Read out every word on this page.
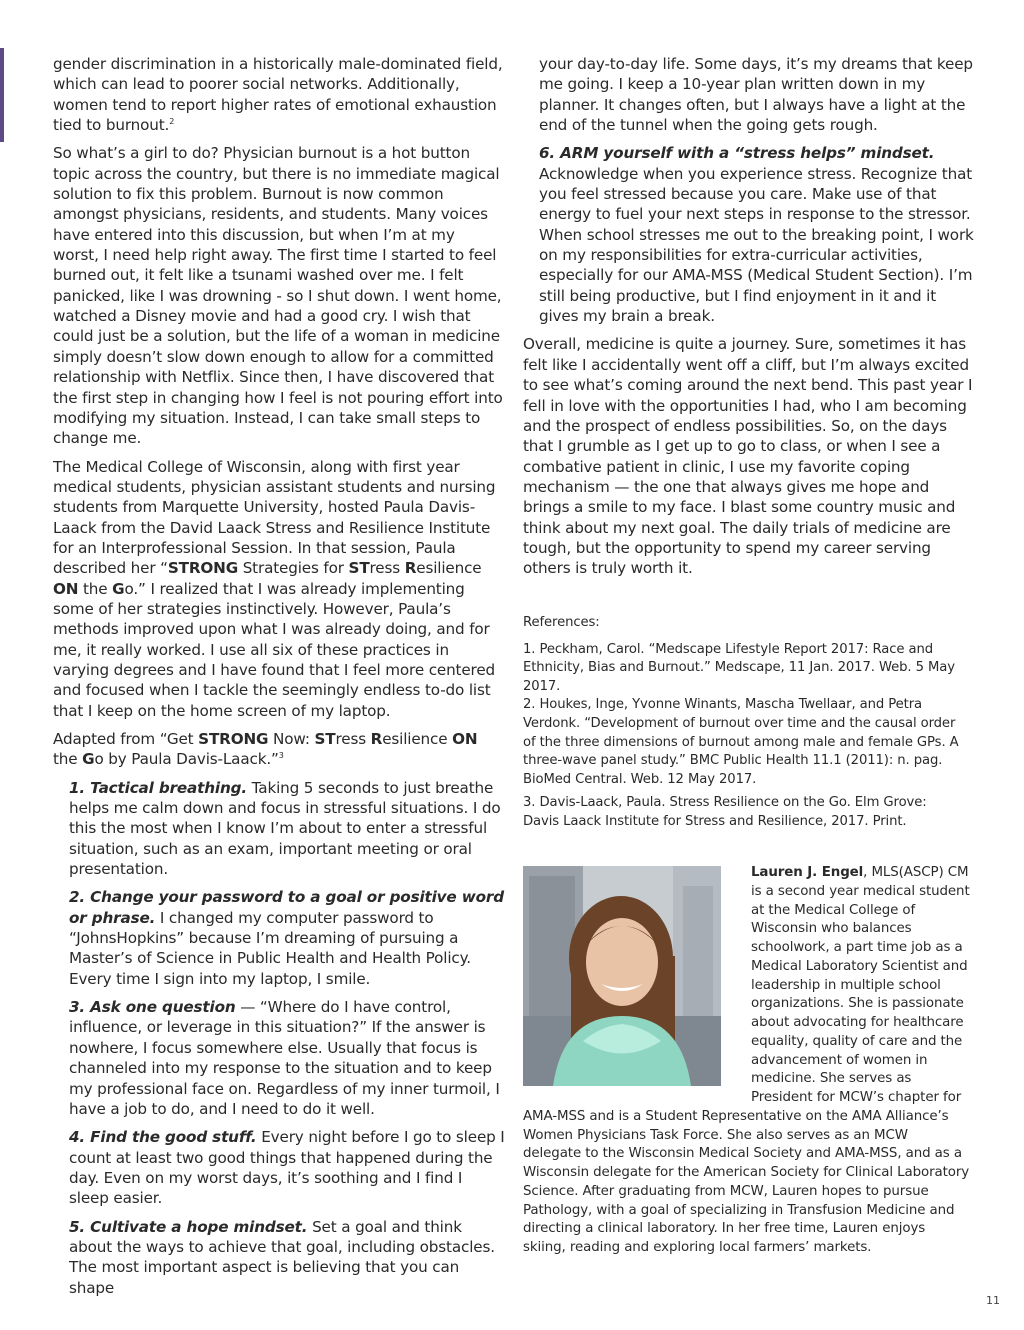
gender discrimination in a historically male-dominated field, which can lead to poorer social networks. Additionally, women tend to report higher rates of emotional exhaustion tied to burnout.$^2$

So what’s a girl to do? Physician burnout is a hot button topic across the country, but there is no immediate magical solution to fix this problem. Burnout is now common amongst physicians, residents, and students. Many voices have entered into this discussion, but when I’m at my worst, I need help right away. The first time I started to feel burned out, it felt like a tsunami washed over me. I felt panicked, like I was drowning - so I shut down. I went home, watched a Disney movie and had a good cry. I wish that could just be a solution, but the life of a woman in medicine simply doesn’t slow down enough to allow for a committed relationship with Netflix. Since then, I have discovered that the first step in changing how I feel is not pouring effort into modifying my situation. Instead, I can take small steps to change me.

The Medical College of Wisconsin, along with first year medical students, physician assistant students and nursing students from Marquette University, hosted Paula Davis-Laack from the David Laack Stress and Resilience Institute for an Interprofessional Session. In that session, Paula described her “STRONG Strategies for STress Resilience ON the Go.” I realized that I was already implementing some of her strategies instinctively. However, Paula’s methods improved upon what I was already doing, and for me, it really worked. I use all six of these practices in varying degrees and I have found that I feel more centered and focused when I tackle the seemingly endless to-do list that I keep on the home screen of my laptop.

Adapted from “Get STRONG Now: STress Resilience ON the Go by Paula Davis-Laack.”$^3$

1. Tactical breathing. Taking 5 seconds to just breathe helps me calm down and focus in stressful situations. I do this the most when I know I’m about to enter a stressful situation, such as an exam, important meeting or oral presentation.

2. Change your password to a goal or positive word or phrase. I changed my computer password to “JohnsHopkins” because I’m dreaming of pursuing a Master’s of Science in Public Health and Health Policy. Every time I sign into my laptop, I smile.

3. Ask one question — “Where do I have control, influence, or leverage in this situation?” If the answer is nowhere, I focus somewhere else. Usually that focus is channeled into my response to the situation and to keep my professional face on. Regardless of my inner turmoil, I have a job to do, and I need to do it well.

4. Find the good stuff. Every night before I go to sleep I count at least two good things that happened during the day. Even on my worst days, it’s soothing and I find I sleep easier.

5. Cultivate a hope mindset. Set a goal and think about the ways to achieve that goal, including obstacles. The most important aspect is believing that you can shape

your day-to-day life. Some days, it’s my dreams that keep me going. I keep a 10-year plan written down in my planner. It changes often, but I always have a light at the end of the tunnel when the going gets rough.

6. ARM yourself with a “stress helps” mindset. Acknowledge when you experience stress. Recognize that you feel stressed because you care. Make use of that energy to fuel your next steps in response to the stressor. When school stresses me out to the breaking point, I work on my responsibilities for extra-curricular activities, especially for our AMA-MSS (Medical Student Section). I’m still being productive, but I find enjoyment in it and it gives my brain a break.

Overall, medicine is quite a journey. Sure, sometimes it has felt like I accidentally went off a cliff, but I’m always excited to see what’s coming around the next bend. This past year I fell in love with the opportunities I had, who I am becoming and the prospect of endless possibilities. So, on the days that I grumble as I get up to go to class, or when I see a combative patient in clinic, I use my favorite coping mechanism — the one that always gives me hope and brings a smile to my face. I blast some country music and think about my next goal. The daily trials of medicine are tough, but the opportunity to spend my career serving others is truly worth it.

References:

1. Peckham, Carol. “Medscape Lifestyle Report 2017: Race and Ethnicity, Bias and Burnout.” Medscape, 11 Jan. 2017. Web. 5 May 2017.

2. Houkes, Inge, Yvonne Winants, Mascha Twellaar, and Petra Verdonk. “Development of burnout over time and the causal order of the three dimensions of burnout among male and female GPs. A three-wave panel study.” BMC Public Health 11.1 (2011): n. pag. BioMed Central. Web. 12 May 2017.

3. Davis-Laack, Paula. Stress Resilience on the Go. Elm Grove: Davis Laack Institute for Stress and Resilience, 2017. Print.

Lauren J. Engel, MLS(ASCP) CM is a second year medical student at the Medical College of Wisconsin who balances schoolwork, a part time job as a Medical Laboratory Scientist and leadership in multiple school organizations. She is passionate about advocating for healthcare equality, quality of care and the advancement of women in medicine. She serves as President for MCW’s chapter for AMA-MSS and is a Student Representative on the AMA Alliance’s Women Physicians Task Force. She also serves as an MCW delegate to the Wisconsin Medical Society and AMA-MSS, and as a Wisconsin delegate for the American Society for Clinical Laboratory Science. After graduating from MCW, Lauren hopes to pursue Pathology, with a goal of specializing in Transfusion Medicine and directing a clinical laboratory. In her free time, Lauren enjoys skiing, reading and exploring local farmers’ markets.

11
